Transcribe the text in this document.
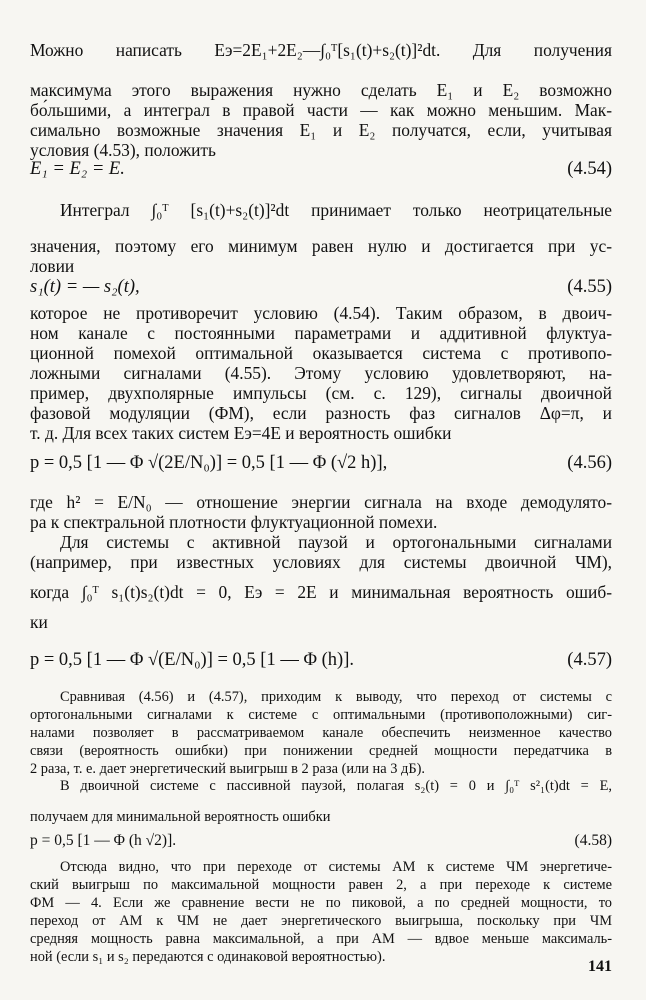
Можно написать Eэ=2E₁+2E₂—∫₀ᵀ[s₁(t)+s₂(t)]²dt. Для получения
максимума этого выражения нужно сделать E₁ и E₂ возможно
бо́льшими, а интеграл в правой части — как можно меньшим. Мак-
симально возможные значения E₁ и E₂ получатся, если, учитывая
условия (4.53), положить
E₁ = E₂ = E.	(4.54)
Интеграл ∫₀ᵀ [s₁(t)+s₂(t)]²dt принимает только неотрицательные
значения, поэтому его минимум равен нулю и достигается при ус-
ловии
s₁(t) = — s₂(t),	(4.55)
которое не противоречит условию (4.54). Таким образом, в двоич-
ном канале с постоянными параметрами и аддитивной флуктуа-
ционной помехой оптимальной оказывается система с противопо-
ложными сигналами (4.55). Этому условию удовлетворяют, на-
пример, двухполярные импульсы (см. с. 129), сигналы двоичной
фазовой модуляции (ФМ), если разность фаз сигналов Δφ=π, и
т. д. Для всех таких систем Eэ=4E и вероятность ошибки
p = 0,5 [1 — Φ √(2E/N₀)] = 0,5 [1 — Φ (√2 h)],	(4.56)
где h² = E/N₀ — отношение энергии сигнала на входе демодулято-
ра к спектральной плотности флуктуационной помехи.
Для системы с активной паузой и ортогональными сигналами
(например, при известных условиях для системы двоичной ЧМ),
когда ∫₀ᵀ s₁(t)s₂(t)dt = 0, Eэ = 2E и минимальная вероятность ошиб-
ки
p = 0,5 [1 — Φ √(E/N₀)] = 0,5 [1 — Φ (h)].	(4.57)
Сравнивая (4.56) и (4.57), приходим к выводу, что переход от системы с
ортогональными сигналами к системе с оптимальными (противоположными) сиг-
налами позволяет в рассматриваемом канале обеспечить неизменное качество
связи (вероятность ошибки) при понижении средней мощности передатчика в
2 раза, т. е. дает энергетический выигрыш в 2 раза (или на 3 дБ).
В двоичной системе с пассивной паузой, полагая s₂(t) = 0 и ∫₀ᵀ s²₁(t)dt = E,
получаем для минимальной вероятность ошибки
p = 0,5 [1 — Φ (h √2)].	(4.58)
Отсюда видно, что при переходе от системы АМ к системе ЧМ энергетиче-
ский выигрыш по максимальной мощности равен 2, а при переходе к системе
ФМ — 4. Если же сравнение вести не по пиковой, а по средней мощности, то
переход от АМ к ЧМ не дает энергетического выигрыша, поскольку при ЧМ
средняя мощность равна максимальной, а при АМ — вдвое меньше максималь-
ной (если s₁ и s₂ передаются с одинаковой вероятностью).
141
